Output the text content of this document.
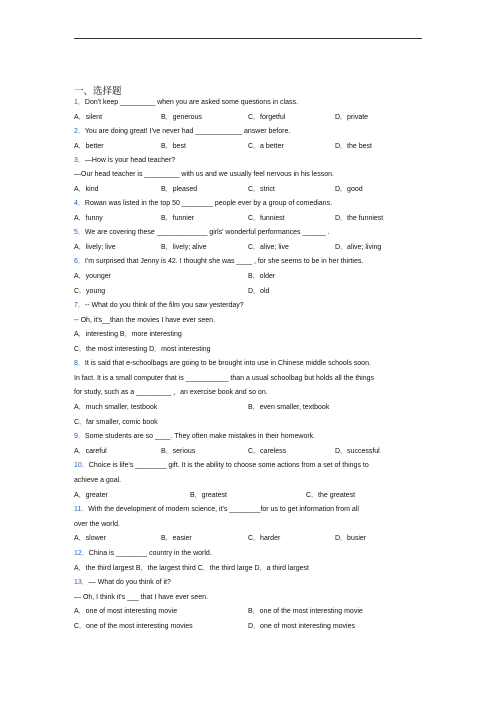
一、选择题
1．Don't keep _________ when you are asked some questions in class.
A．silent	B．generous	C．forgetful	D．private
2．You are doing great! I've never had ____________ answer before.
A．better	B．best	C．a better	D．the best
3．—How is your head teacher?
—Our head teacher is _________ with us and we usually feel nervous in his lesson.
A．kind	B．pleased	C．strict	D．good
4．Rowan was listed in the top 50 ________ people ever by a group of comedians.
A．funny	B．funnier	C．funniest	D．the funniest
5．We are covering these _____________ girls' wonderful performances ______ .
A．lively; live	B．lively; alive	C．alive; live	D．alive; living
6．I'm surprised that Jenny is 42. I thought she was ____ , for she seems to be in her thirties.
A．younger	B．older
C．young	D．old
7．-- What do you think of the film you saw yesterday?
-- Oh, it's__than the movies I have ever seen.
A．interesting B．more interesting
C．the most interesting D．most interesting
8．It is said that e-schoolbags are going to be brought into use in Chinese middle schools soon.
In fact. It is a small computer that is ___________ than a usual schoolbag but holds all the things
for study, such as a _________ ，an exercise book and so on.
A．much smaller, testbook	B．even smaller, textbook
C．far smaller, comic book
9．Some students are so ____. They often make mistakes in their homework.
A．careful	B．serious	C．careless	D．successful
10．Choice is life's ________ gift. It is the ability to choose some actions from a set of things to
achieve a goal.
A．greater	B．greatest	C．the greatest
11．With the development of modern science, it's ________for us to get information from all
over the world.
A．slower	B．easier	C．harder	D．busier
12．China is ________ country in the world.
A．the third largest B．the largest third C．the third large D．a third largest
13．— What do you think of it?
— Oh, I think it's ___ that I have ever seen.
A．one of most interesting movie	B．one of the most interesting movie
C．one of the most interesting movies	D．one of most interesting movies
